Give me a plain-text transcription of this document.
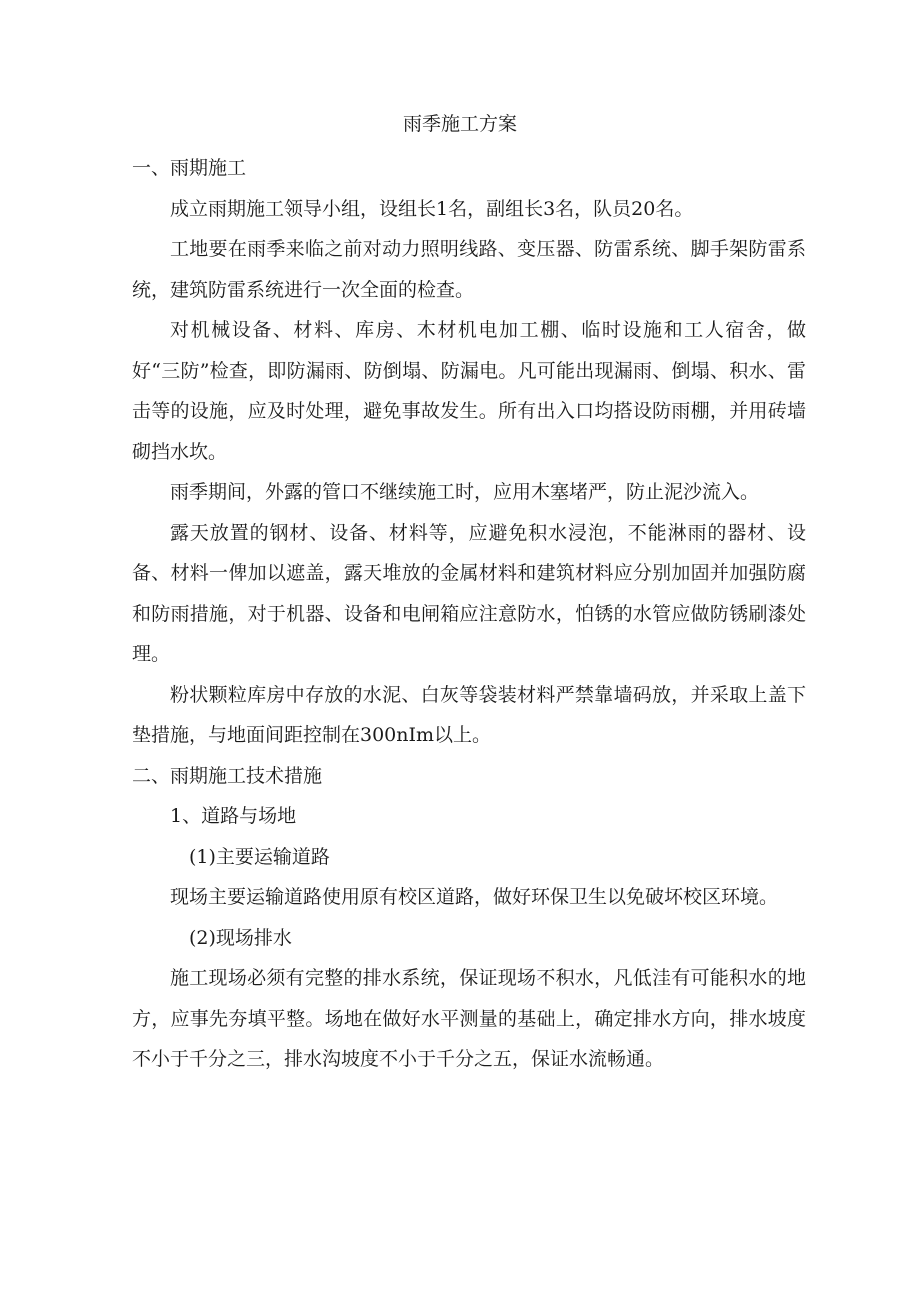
雨季施工方案

一、雨期施工

成立雨期施工领导小组，设组长1名，副组长3名，队员20名。

工地要在雨季来临之前对动力照明线路、变压器、防雷系统、脚手架防雷系统，建筑防雷系统进行一次全面的检查。

对机械设备、材料、库房、木材机电加工棚、临时设施和工人宿舍，做好“三防”检查，即防漏雨、防倒塌、防漏电。凡可能出现漏雨、倒塌、积水、雷击等的设施，应及时处理，避免事故发生。所有出入口均搭设防雨棚，并用砖墙砌挡水坎。

雨季期间，外露的管口不继续施工时，应用木塞堵严，防止泥沙流入。

露天放置的钢材、设备、材料等，应避免积水浸泡，不能淋雨的器材、设备、材料一俾加以遮盖，露天堆放的金属材料和建筑材料应分别加固并加强防腐和防雨措施，对于机器、设备和电闸箱应注意防水，怕锈的水管应做防锈刷漆处理。

粉状颗粒库房中存放的水泥、白灰等袋装材料严禁靠墙码放，并采取上盖下垫措施，与地面间距控制在300nIm以上。

二、雨期施工技术措施

1、道路与场地

(1)主要运输道路

现场主要运输道路使用原有校区道路，做好环保卫生以免破坏校区环境。

(2)现场排水

施工现场必须有完整的排水系统，保证现场不积水，凡低洼有可能积水的地方，应事先夯填平整。场地在做好水平测量的基础上，确定排水方向，排水坡度不小于千分之三，排水沟坡度不小于千分之五，保证水流畅通。
